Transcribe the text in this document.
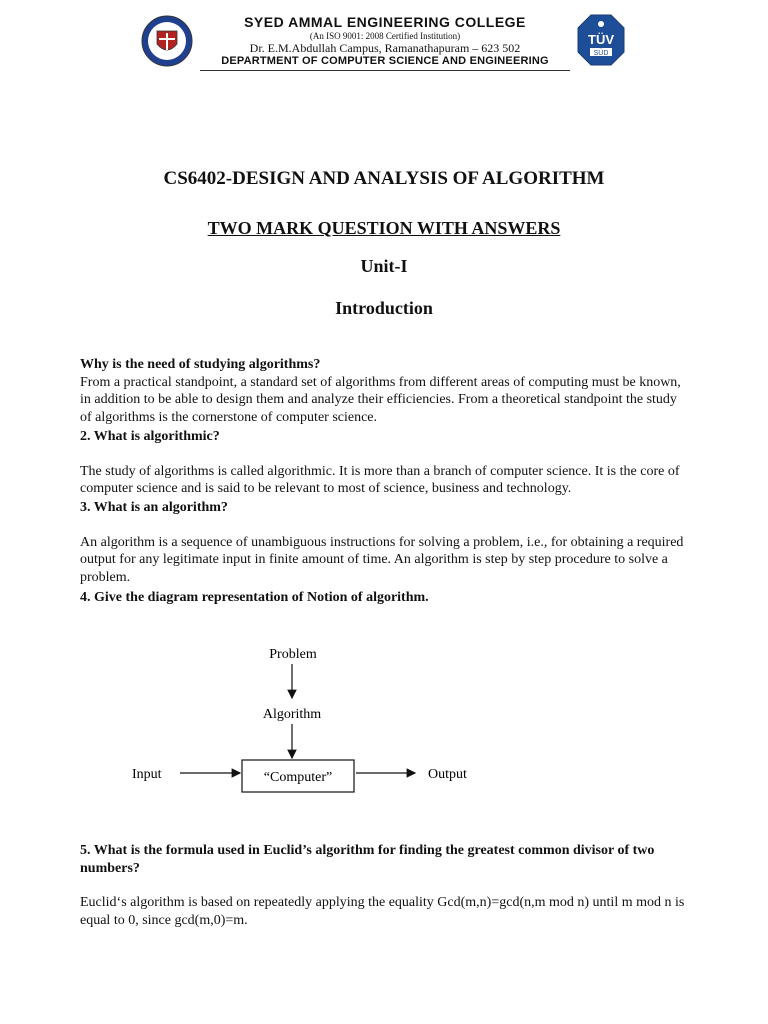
TÜV
SÜD
SYED AMMAL ENGINEERING COLLEGE
(An ISO 9001: 2008 Certified Institution)
Dr. E.M.Abdullah Campus, Ramanathapuram – 623 502
DEPARTMENT OF COMPUTER SCIENCE AND ENGINEERING
CS6402-DESIGN AND ANALYSIS OF ALGORITHM
TWO MARK QUESTION WITH ANSWERS
Unit-I
Introduction
Why is the need of studying algorithms?
From a practical standpoint, a standard set of algorithms from different areas of computing must be known, in addition to be able to design them and analyze their efficiencies. From a theoretical standpoint the study of algorithms is the cornerstone of computer science.
2. What is algorithmic?
The study of algorithms is called algorithmic. It is more than a branch of computer science. It is the core of computer science and is said to be relevant to most of science, business and technology.
3. What is an algorithm?
An algorithm is a sequence of unambiguous instructions for solving a problem, i.e., for obtaining a required output for any legitimate input in finite amount of time. An algorithm is step by step procedure to solve a problem.
4. Give the diagram representation of Notion of algorithm.
Problem
Algorithm
“Computer”
Input	Output
5. What is the formula used in Euclid’s algorithm for finding the greatest common divisor of two numbers?
Euclid‘s algorithm is based on repeatedly applying the equality Gcd(m,n)=gcd(n,m mod n) until m mod n is equal to 0, since gcd(m,0)=m.
